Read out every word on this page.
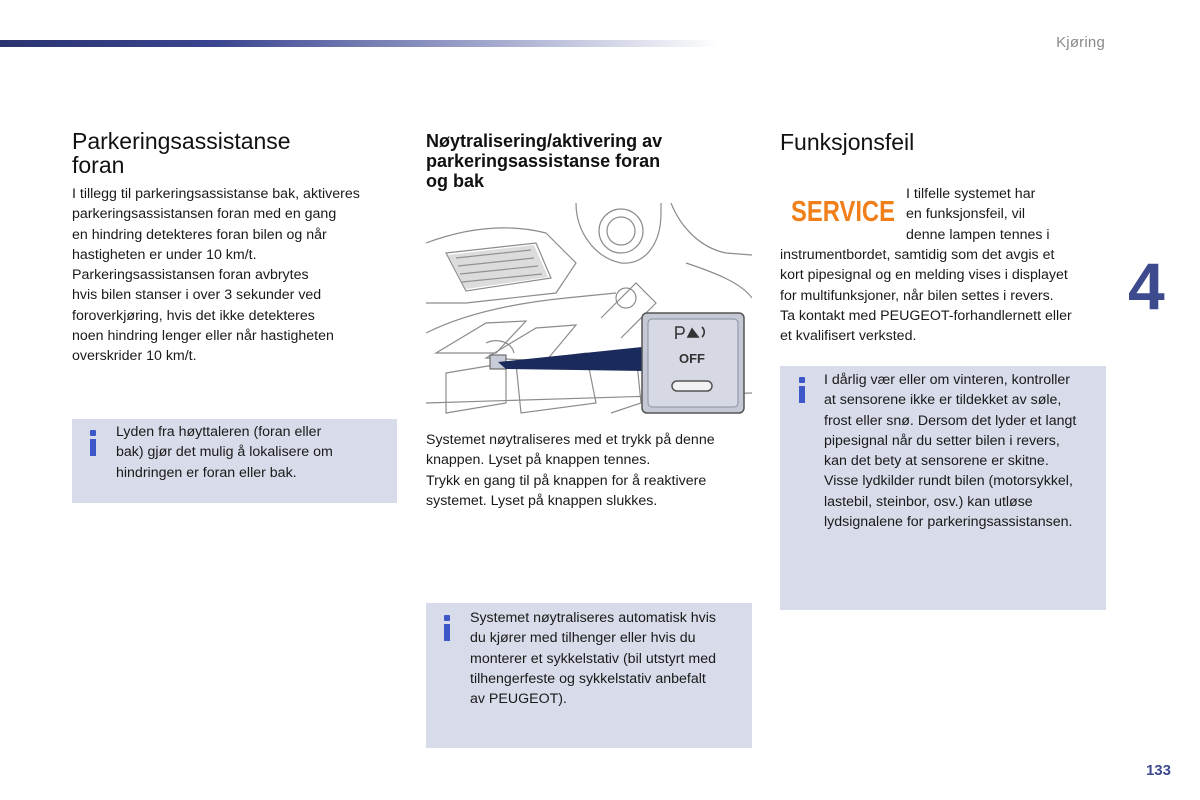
Kjøring
4
133
Parkeringsassistanse
foran
I tillegg til parkeringsassistanse bak, aktiveres
parkeringsassistansen foran med en gang
en hindring detekteres foran bilen og når
hastigheten er under 10 km/t.
Parkeringsassistansen foran avbrytes
hvis bilen stanser i over 3 sekunder ved
foroverkjøring, hvis det ikke detekteres
noen hindring lenger eller når hastigheten
overskrider 10 km/t.
Lyden fra høyttaleren (foran eller
bak) gjør det mulig å lokalisere om
hindringen er foran eller bak.
Nøytralisering/aktivering av
parkeringsassistanse foran
og bak
OFF
Systemet nøytraliseres med et trykk på denne
knappen. Lyset på knappen tennes.
Trykk en gang til på knappen for å reaktivere
systemet. Lyset på knappen slukkes.
Systemet nøytraliseres automatisk hvis
du kjører med tilhenger eller hvis du
monterer et sykkelstativ (bil utstyrt med
tilhengerfeste og sykkelstativ anbefalt
av PEUGEOT).
Funksjonsfeil
SERVICE
I tilfelle systemet har
en funksjonsfeil, vil
denne lampen tennes i
instrumentbordet, samtidig som det avgis et
kort pipesignal og en melding vises i displayet
for multifunksjoner, når bilen settes i revers.
Ta kontakt med PEUGEOT-forhandlernett eller
et kvalifisert verksted.
I dårlig vær eller om vinteren, kontroller
at sensorene ikke er tildekket av søle,
frost eller snø. Dersom det lyder et langt
pipesignal når du setter bilen i revers,
kan det bety at sensorene er skitne.
Visse lydkilder rundt bilen (motorsykkel,
lastebil, steinbor, osv.) kan utløse
lydsignalene for parkeringsassistansen.
